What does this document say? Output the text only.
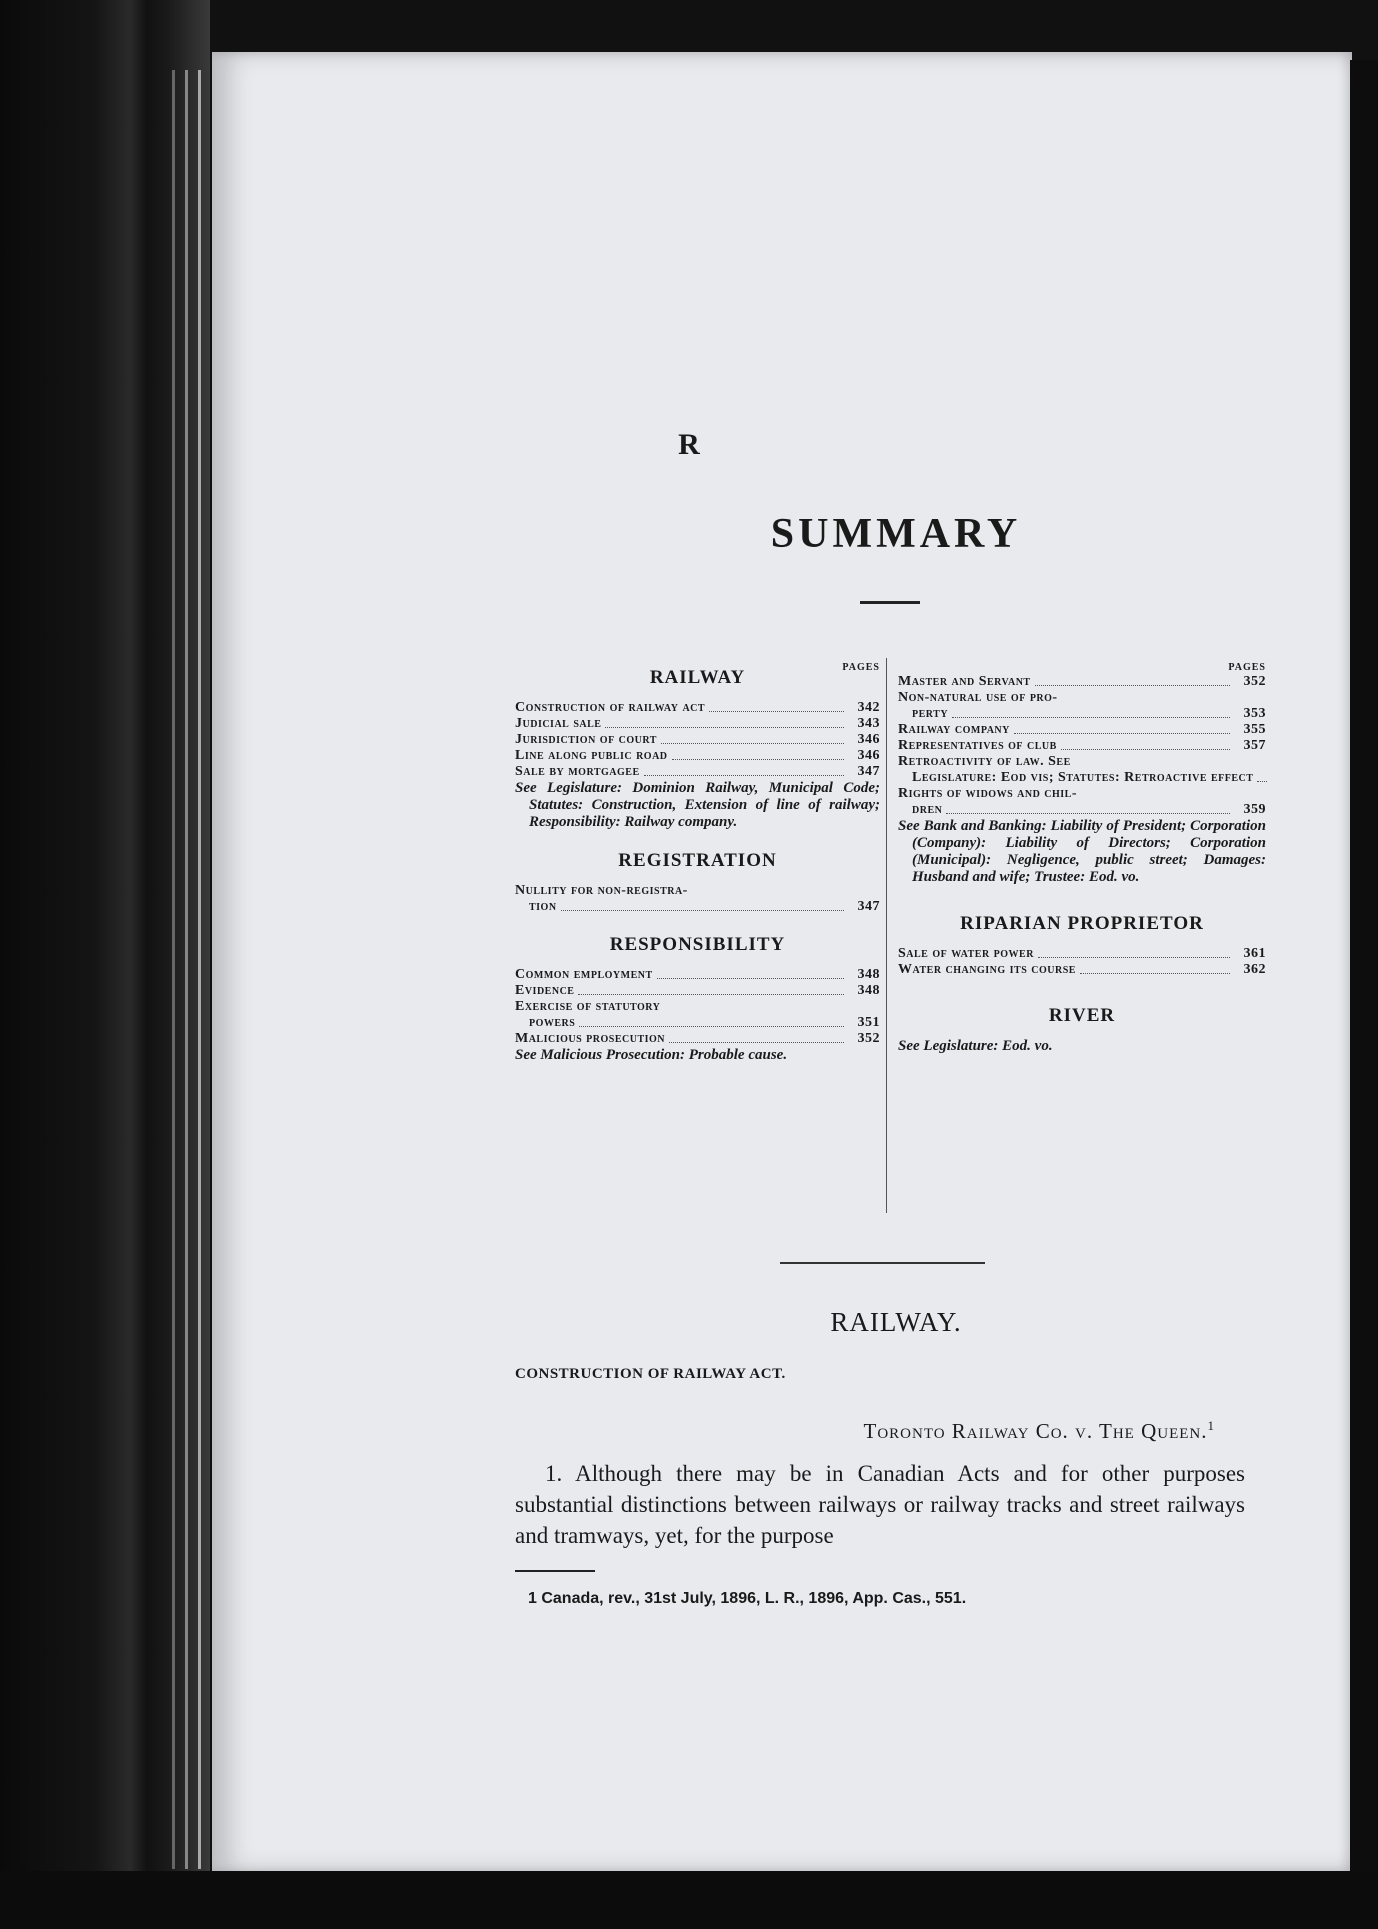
R
SUMMARY
PAGES
RAILWAY
Construction of railway act	342
Judicial sale	343
Jurisdiction of court	346
Line along public road	346
Sale by mortgagee	347
See Legislature: Dominion Railway, Municipal Code; Statutes: Construction, Extension of line of railway; Responsibility: Railway company.
REGISTRATION
Nullity for non-registra-
tion	347
RESPONSIBILITY
Common employment	348
Evidence	348
Exercise of statutory
powers	351
Malicious prosecution	352
See Malicious Prosecution: Probable cause.
PAGES
Master and Servant	352
Non-natural use of pro-
perty	353
Railway company	355
Representatives of club	357
Retroactivity of law. See
Legislature: Eod vis; Statutes: Retroactive effect
Rights of widows and chil-
dren	359
See Bank and Banking: Liability of President; Corporation (Company): Liability of Directors; Corporation (Municipal): Negligence, public street; Damages: Husband and wife; Trustee: Eod. vo.
RIPARIAN PROPRIETOR
Sale of water power	361
Water changing its course	362
RIVER
See Legislature: Eod. vo.
RAILWAY.
CONSTRUCTION OF RAILWAY ACT.
Toronto Railway Co. v. The Queen.$^1$
1. Although there may be in Canadian Acts and for other purposes substantial distinctions between railways or railway tracks and street railways and tramways, yet, for the purpose
1 Canada, rev., 31st July, 1896, L. R., 1896, App. Cas., 551.
